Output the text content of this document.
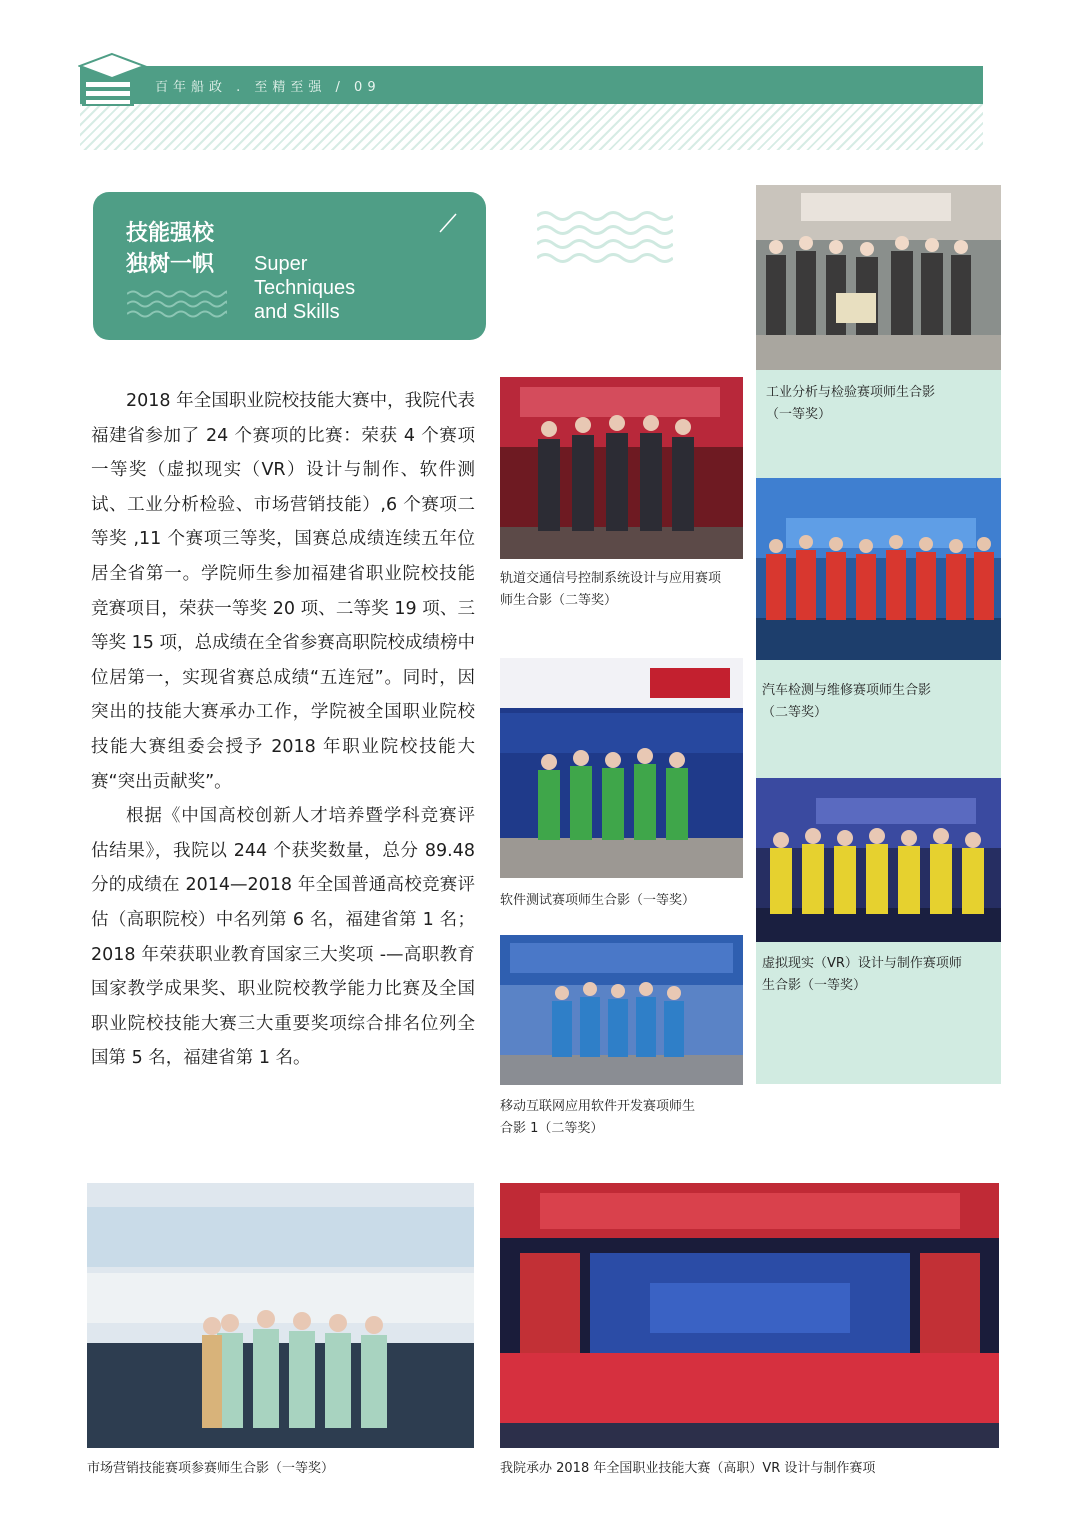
百年船政 . 至精至强 / 09
技能强校
独树一帜 Super
Techniques
and Skills

2018 年全国职业院校技能大赛中，我院代表福建省参加了 24 个赛项的比赛：荣获 4 个赛项一等奖（虚拟现实（VR）设计与制作、软件测试、工业分析检验、市场营销技能）,6 个赛项二等奖 ,11 个赛项三等奖，国赛总成绩连续五年位居全省第一。学院师生参加福建省职业院校技能竞赛项目，荣获一等奖 20 项、二等奖 19 项、三等奖 15 项，总成绩在全省参赛高职院校成绩榜中位居第一，实现省赛总成绩“五连冠”。同时，因突出的技能大赛承办工作，学院被全国职业院校技能大赛组委会授予 2018 年职业院校技能大赛“突出贡献奖”。

根据《中国高校创新人才培养暨学科竞赛评估结果》，我院以 244 个获奖数量，总分 89.48 分的成绩在 2014—2018 年全国普通高校竞赛评估（高职院校）中名列第 6 名，福建省第 1 名；2018 年荣获职业教育国家三大奖项 -—高职教育国家教学成果奖、职业院校教学能力比赛及全国职业院校技能大赛三大重要奖项综合排名位列全国第 5 名，福建省第 1 名。

工业分析与检验赛项师生合影
（一等奖）
轨道交通信号控制系统设计与应用赛项
师生合影（二等奖）
汽车检测与维修赛项师生合影
（二等奖）
软件测试赛项师生合影（一等奖）
虚拟现实（VR）设计与制作赛项师
生合影（一等奖）
移动互联网应用软件开发赛项师生
合影 1（二等奖）
市场营销技能赛项参赛师生合影（一等奖）	我院承办 2018 年全国职业技能大赛（高职）VR 设计与制作赛项
